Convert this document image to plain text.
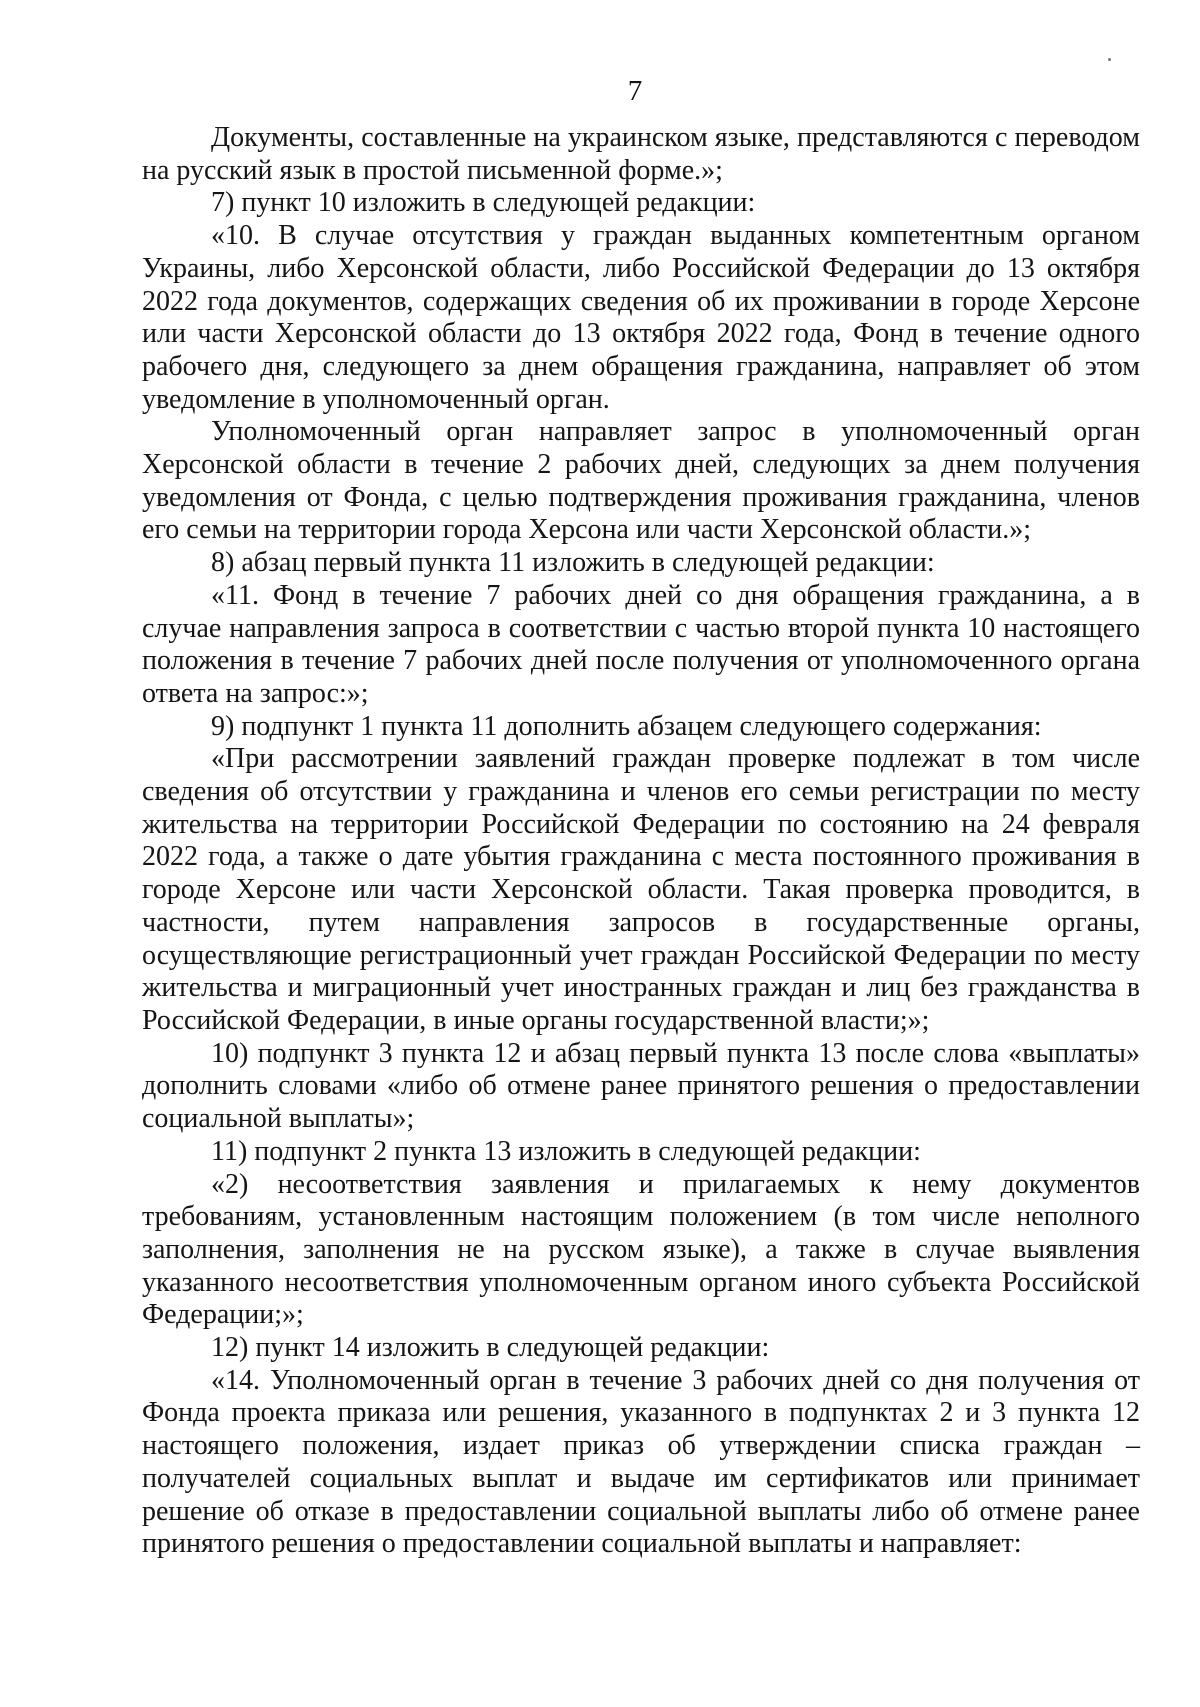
7

Документы, составленные на украинском языке, представляются с переводом на русский язык в простой письменной форме.»;

7) пункт 10 изложить в следующей редакции:

«10. В случае отсутствия у граждан выданных компетентным органом Украины, либо Херсонской области, либо Российской Федерации до 13 октября 2022 года документов, содержащих сведения об их проживании в городе Херсоне или части Херсонской области до 13 октября 2022 года, Фонд в течение одного рабочего дня, следующего за днем обращения гражданина, направляет об этом уведомление в уполномоченный орган.

Уполномоченный орган направляет запрос в уполномоченный орган Херсонской области в течение 2 рабочих дней, следующих за днем получения уведомления от Фонда, с целью подтверждения проживания гражданина, членов его семьи на территории города Херсона или части Херсонской области.»;

8) абзац первый пункта 11 изложить в следующей редакции:

«11. Фонд в течение 7 рабочих дней со дня обращения гражданина, а в случае направления запроса в соответствии с частью второй пункта 10 настоящего положения в течение 7 рабочих дней после получения от уполномоченного органа ответа на запрос:»;

9) подпункт 1 пункта 11 дополнить абзацем следующего содержания:

«При рассмотрении заявлений граждан проверке подлежат в том числе сведения об отсутствии у гражданина и членов его семьи регистрации по месту жительства на территории Российской Федерации по состоянию на 24 февраля 2022 года, а также о дате убытия гражданина с места постоянного проживания в городе Херсоне или части Херсонской области. Такая проверка проводится, в частности, путем направления запросов в государственные органы, осуществляющие регистрационный учет граждан Российской Федерации по месту жительства и миграционный учет иностранных граждан и лиц без гражданства в Российской Федерации, в иные органы государственной власти;»;

10) подпункт 3 пункта 12 и абзац первый пункта 13 после слова «выплаты» дополнить словами «либо об отмене ранее принятого решения о предоставлении социальной выплаты»;

11) подпункт 2 пункта 13 изложить в следующей редакции:

«2) несоответствия заявления и прилагаемых к нему документов требованиям, установленным настоящим положением (в том числе неполного заполнения, заполнения не на русском языке), а также в случае выявления указанного несоответствия уполномоченным органом иного субъекта Российской Федерации;»;

12) пункт 14 изложить в следующей редакции:

«14. Уполномоченный орган в течение 3 рабочих дней со дня получения от Фонда проекта приказа или решения, указанного в подпунктах 2 и 3 пункта 12 настоящего положения, издает приказ об утверждении списка граждан – получателей социальных выплат и выдаче им сертификатов или принимает решение об отказе в предоставлении социальной выплаты либо об отмене ранее принятого решения о предоставлении социальной выплаты и направляет:
